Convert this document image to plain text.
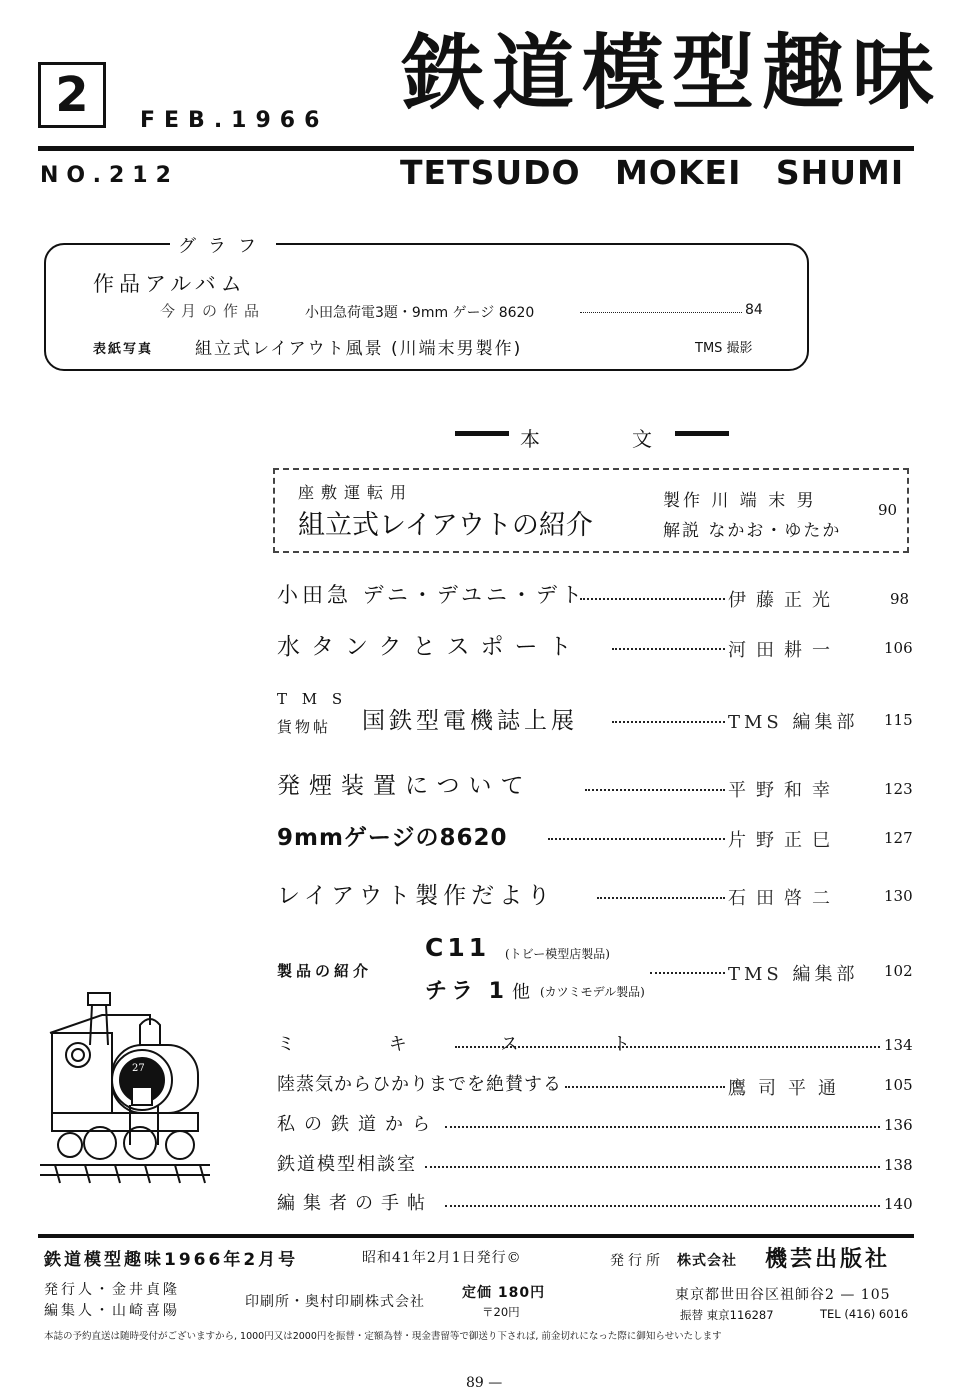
2	FEB.1966 鉄道模型趣味
NO.212	TETSUDO MOKEI SHUMI
グラフ
作品アルバム
今月の作品	小田急荷電3題・9mm ゲージ 8620	84
表紙写真 組立式レイアウト風景 (川端末男製作)	TMS 撮影
本	文
座敷運転用
組立式レイアウトの紹介
製作 川 端 末 男
解説 なかお・ゆたか
90
小田急 デニ・デユニ・デト	伊藤正光	98
水タンクとスポート	河田耕一	106
T M S
貨物帖 国鉄型電機誌上展	TMS 編集部 115
発煙装置について	平野和幸	123
9mmゲージの8620	片野正巳	127
レイアウト製作だより	石田啓二	130
製品の紹介
C11 (トビー模型店製品)
チラ 1 他 (カツミモデル製品)
TMS 編集部 102
ミ キ ス ト	134
陸蒸気からひかりまでを絶賛する	鷹司平通 105
私の鉄道から	136
鉄道模型相談室	138
編集者の手帖	140
27
鉄道模型趣味1966年2月号	昭和41年2月1日発行©	発行所 株式会社 機芸出版社
発行人・金井貞隆
編集人・山崎喜陽
印刷所・奥村印刷株式会社
定価 180円
〒20円
東京都世田谷区祖師谷2 — 105
振替 東京116287	TEL (416) 6016
本誌の予約直送は随時受付がございますから, 1000円又は2000円を振替・定額為替・現金書留等で御送り下されば, 前金切れになった際に御知らせいたします
89 —
